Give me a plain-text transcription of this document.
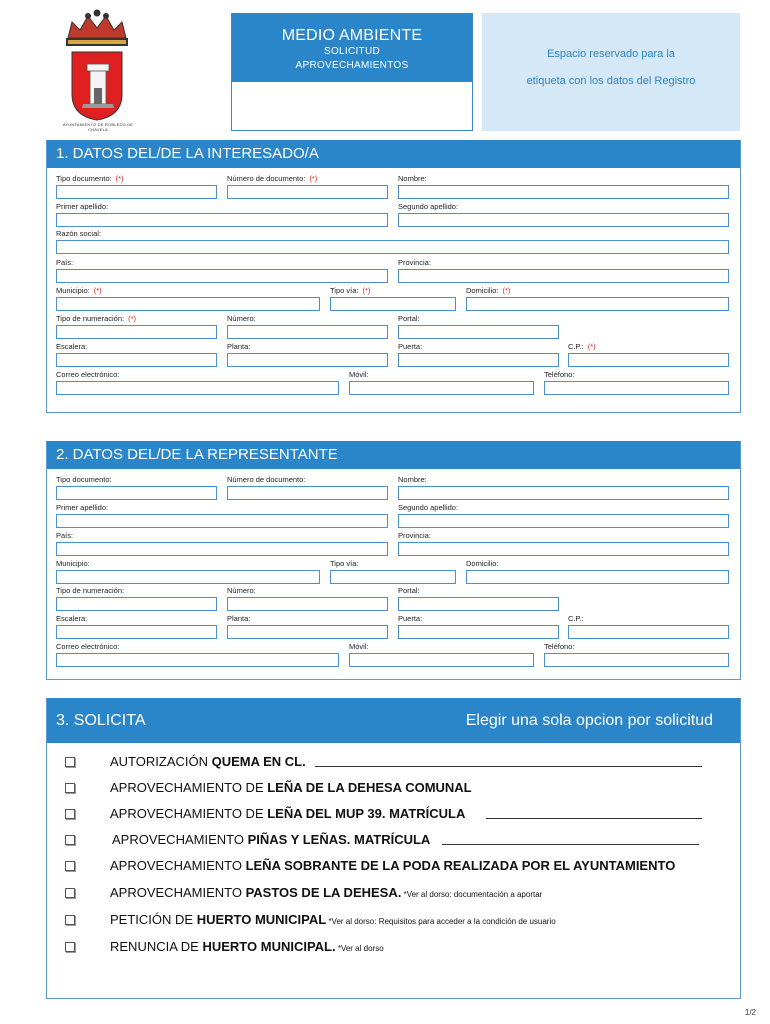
AYUNTAMIENTO DE ROBLEDO DE CHAVELA
MEDIO AMBIENTE
SOLICITUD
APROVECHAMIENTOS
Espacio reservado para la
etiqueta con los datos del Registro
1. DATOS DEL/DE LA INTERESADO/A
Tipo documento: (*)	Número de documento: (*)	Nombre:
Primer apellido:	Segundo apellido:
Razón social:
País:	Provincia:
Municipio: (*)	Tipo vía: (*)	Domicilio: (*)
Tipo de numeración: (*)	Número:	Portal:
Escalera:	Planta:	Puerta:	C.P.: (*)
Correo electrónico:	Móvil:	Teléfono:
2. DATOS DEL/DE LA REPRESENTANTE
Tipo documento:	Número de documento:	Nombre:
Primer apellido:	Segundo apellido:
País:	Provincia:
Municipio:	Tipo vía:	Domicilio:
Tipo de numeración:	Número:	Portal:
Escalera:	Planta:	Puerta:	C.P.:
Correo electrónico:	Móvil:	Teléfono:
3. SOLICITA	Elegir una sola opcion por solicitud
AUTORIZACIÓN QUEMA EN CL.
APROVECHAMIENTO DE LEÑA DE LA DEHESA COMUNAL
APROVECHAMIENTO DE LEÑA DEL MUP 39. MATRÍCULA
APROVECHAMIENTO PIÑAS Y LEÑAS. MATRÍCULA
APROVECHAMIENTO LEÑA SOBRANTE DE LA PODA REALIZADA POR EL AYUNTAMIENTO
APROVECHAMIENTO PASTOS DE LA DEHESA. *Ver al dorso: documentación a aportar
PETICIÓN DE HUERTO MUNICIPAL *Ver al dorso: Requisitos para acceder a la condición de usuario
RENUNCIA DE HUERTO MUNICIPAL. *Ver al dorso
1/2
